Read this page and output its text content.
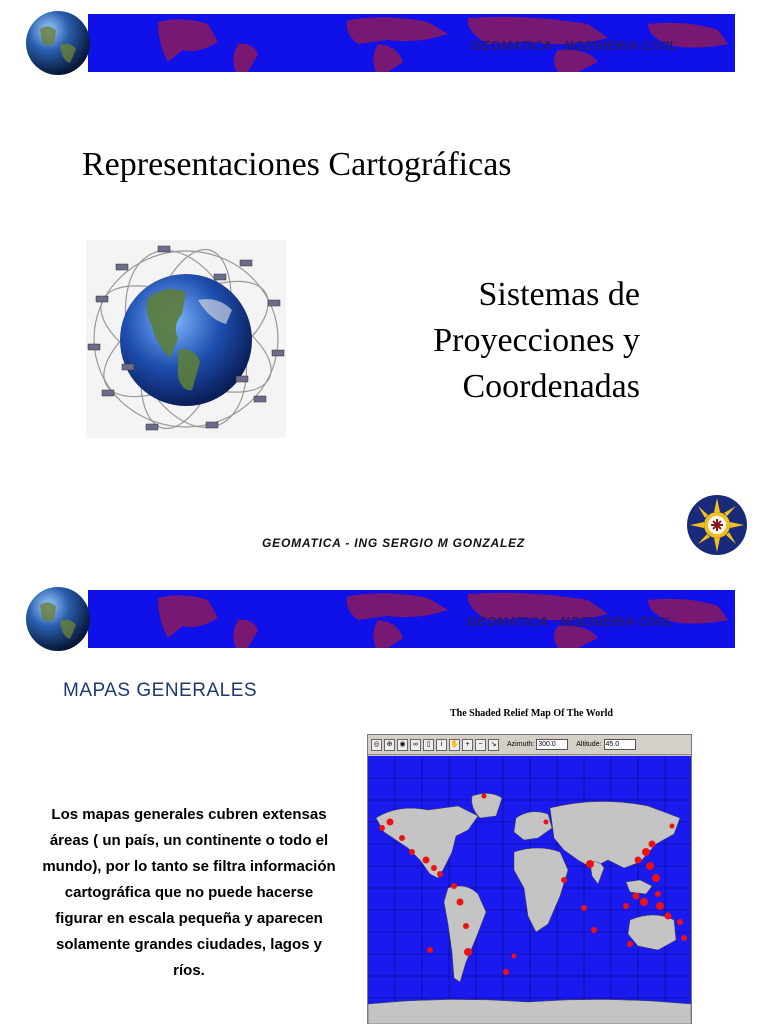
GEOMATICA - NGENIERIA CIVIL
Representaciones Cartográficas
Sistemas de
Proyecciones y
Coordenadas
GEOMATICA - ING SERGIO M GONZALEZ
GEOMATICA - NGENIERIA CIVIL
MAPAS GENERALES
Los mapas generales cubren extensas áreas ( un país, un continente o todo el mundo), por lo tanto se filtra información cartográfica que no puede hacerse figurar en escala pequeña y aparecen solamente grandes ciudades, lagos y ríos.
The Shaded Relief Map Of The World
◎	⊕	◉	∞	▯	i	✋ +	−	↘	Azimuth: 300.0	Altitude: 45.0
